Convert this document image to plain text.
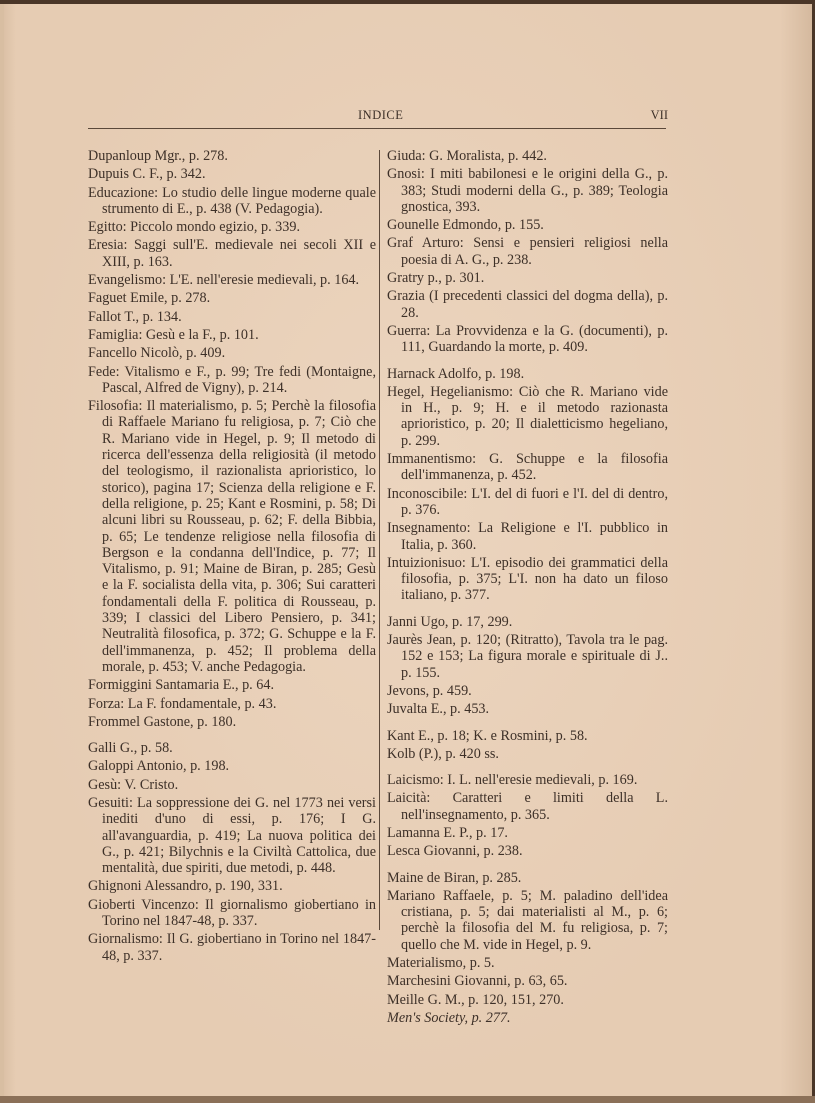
INDICE	VII

Dupanloup Mgr., p. 278.

Dupuis C. F., p. 342.

Educazione: Lo studio delle lingue moderne quale strumento di E., p. 438 (V. Pedagogia).

Egitto: Piccolo mondo egizio, p. 339.

Eresia: Saggi sull'E. medievale nei secoli XII e XIII, p. 163.

Evangelismo: L'E. nell'eresie medievali, p. 164.

Faguet Emile, p. 278.

Fallot T., p. 134.

Famiglia: Gesù e la F., p. 101.

Fancello Nicolò, p. 409.

Fede: Vitalismo e F., p. 99; Tre fedi (Montaigne, Pascal, Alfred de Vigny), p. 214.

Filosofia: Il materialismo, p. 5; Perchè la filosofia di Raffaele Mariano fu religiosa, p. 7; Ciò che R. Mariano vide in Hegel, p. 9; Il metodo di ricerca dell'essenza della religiosità (il metodo del teologismo, il razionalista aprioristico, lo storico), pagina 17; Scienza della religione e F. della religione, p. 25; Kant e Rosmini, p. 58; Di alcuni libri su Rousseau, p. 62; F. della Bibbia, p. 65; Le tendenze religiose nella filosofia di Bergson e la condanna dell'Indice, p. 77; Il Vitalismo, p. 91; Maine de Biran, p. 285; Gesù e la F. socialista della vita, p. 306; Sui caratteri fondamentali della F. politica di Rousseau, p. 339; I classici del Libero Pensiero, p. 341; Neutralità filosofica, p. 372; G. Schuppe e la F. dell'immanenza, p. 452; Il problema della morale, p. 453; V. anche Pedagogia.

Formiggini Santamaria E., p. 64.

Forza: La F. fondamentale, p. 43.

Frommel Gastone, p. 180.

Galli G., p. 58.

Galoppi Antonio, p. 198.

Gesù: V. Cristo.

Gesuiti: La soppressione dei G. nel 1773 nei versi inediti d'uno di essi, p. 176; I G. all'avanguardia, p. 419; La nuova politica dei G., p. 421; Bilychnis e la Civiltà Cattolica, due mentalità, due spiriti, due metodi, p. 448.

Ghignoni Alessandro, p. 190, 331.

Gioberti Vincenzo: Il giornalismo giobertiano in Torino nel 1847-48, p. 337.

Giornalismo: Il G. giobertiano in Torino nel 1847-48, p. 337.

Giuda: G. Moralista, p. 442.

Gnosi: I miti babilonesi e le origini della G., p. 383; Studi moderni della G., p. 389; Teologia gnostica, 393.

Gounelle Edmondo, p. 155.

Graf Arturo: Sensi e pensieri religiosi nella poesia di A. G., p. 238.

Gratry p., p. 301.

Grazia (I precedenti classici del dogma della), p. 28.

Guerra: La Provvidenza e la G. (documenti), p. 111, Guardando la morte, p. 409.

Harnack Adolfo, p. 198.

Hegel, Hegelianismo: Ciò che R. Mariano vide in H., p. 9; H. e il metodo razionasta aprioristico, p. 20; Il dialetticismo hegeliano, p. 299.

Immanentismo: G. Schuppe e la filosofia dell'immanenza, p. 452.

Inconoscibile: L'I. del di fuori e l'I. del di dentro, p. 376.

Insegnamento: La Religione e l'I. pubblico in Italia, p. 360.

Intuizionisuo: L'I. episodio dei grammatici della filosofia, p. 375; L'I. non ha dato un filoso italiano, p. 377.

Janni Ugo, p. 17, 299.

Jaurès Jean, p. 120; (Ritratto), Tavola tra le pag. 152 e 153; La figura morale e spirituale di J.. p. 155.

Jevons, p. 459.

Juvalta E., p. 453.

Kant E., p. 18; K. e Rosmini, p. 58.

Kolb (P.), p. 420 ss.

Laicismo: I. L. nell'eresie medievali, p. 169.

Laicità: Caratteri e limiti della L. nell'insegnamento, p. 365.

Lamanna E. P., p. 17.

Lesca Giovanni, p. 238.

Maine de Biran, p. 285.

Mariano Raffaele, p. 5; M. paladino dell'idea cristiana, p. 5; dai materialisti al M., p. 6; perchè la filosofia del M. fu religiosa, p. 7; quello che M. vide in Hegel, p. 9.

Materialismo, p. 5.

Marchesini Giovanni, p. 63, 65.

Meille G. M., p. 120, 151, 270.

Men's Society, p. 277.
